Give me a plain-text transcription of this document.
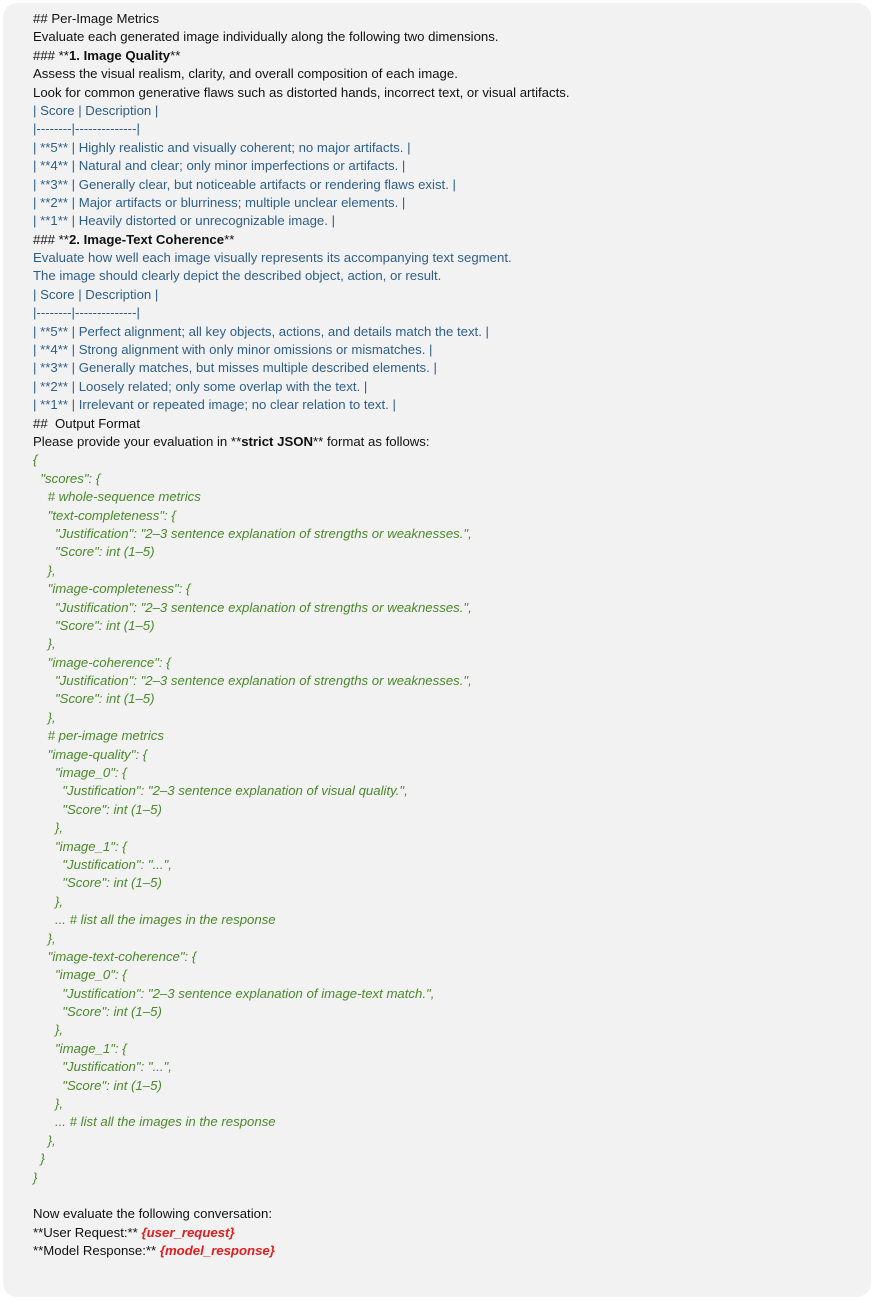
## Per-Image Metrics
Evaluate each generated image individually along the following two dimensions.
### **1. Image Quality**
Assess the visual realism, clarity, and overall composition of each image.
Look for common generative flaws such as distorted hands, incorrect text, or visual artifacts.
| Score | Description |
|--------|--------------|
| **5** | Highly realistic and visually coherent; no major artifacts. |
| **4** | Natural and clear; only minor imperfections or artifacts. |
| **3** | Generally clear, but noticeable artifacts or rendering flaws exist. |
| **2** | Major artifacts or blurriness; multiple unclear elements. |
| **1** | Heavily distorted or unrecognizable image. |
### **2. Image-Text Coherence**
Evaluate how well each image visually represents its accompanying text segment.
The image should clearly depict the described object, action, or result.
| Score | Description |
|--------|--------------|
| **5** | Perfect alignment; all key objects, actions, and details match the text. |
| **4** | Strong alignment with only minor omissions or mismatches. |
| **3** | Generally matches, but misses multiple described elements. |
| **2** | Loosely related; only some overlap with the text. |
| **1** | Irrelevant or repeated image; no clear relation to text. |
##  Output Format
Please provide your evaluation in **strict JSON** format as follows:
{
"scores": {
# whole-sequence metrics
"text-completeness": {
"Justification": "2–3 sentence explanation of strengths or weaknesses.",
"Score": int (1–5)
},
"image-completeness": {
"Justification": "2–3 sentence explanation of strengths or weaknesses.",
"Score": int (1–5)
},
"image-coherence": {
"Justification": "2–3 sentence explanation of strengths or weaknesses.",
"Score": int (1–5)
},
# per-image metrics
"image-quality": {
"image_0": {
"Justification": "2–3 sentence explanation of visual quality.",
"Score": int (1–5)
},
"image_1": {
"Justification": "...",
"Score": int (1–5)
},
... # list all the images in the response
},
"image-text-coherence": {
"image_0": {
"Justification": "2–3 sentence explanation of image-text match.",
"Score": int (1–5)
},
"image_1": {
"Justification": "...",
"Score": int (1–5)
},
... # list all the images in the response
},
}
}
Now evaluate the following conversation:
**User Request:** {user_request}
**Model Response:** {model_response}
